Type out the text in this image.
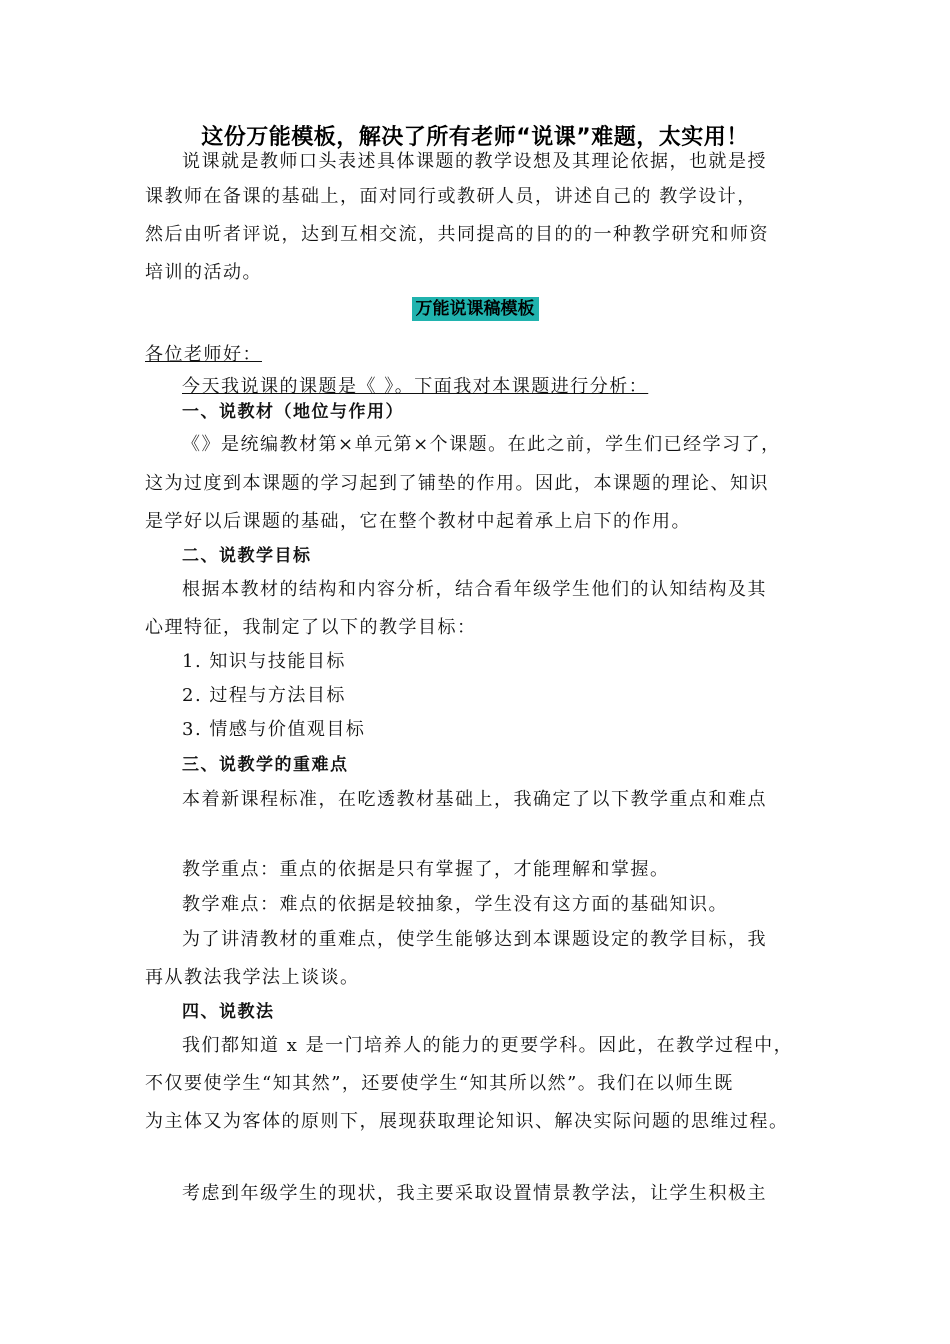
这份万能模板，解决了所有老师“说课”难题，太实用！
说课就是教师口头表述具体课题的教学设想及其理论依据，也就是授
课教师在备课的基础上，面对同行或教研人员，讲述自己的 教学设计，
然后由听者评说，达到互相交流，共同提高的目的的一种教学研究和师资
培训的活动。
万能说课稿模板
各位老师好：
今天我说课的课题是《 》。下面我对本课题进行分析：
一、说教材（地位与作用）
《》是统编教材第×单元第×个课题。在此之前，学生们已经学习了，
这为过度到本课题的学习起到了铺垫的作用。因此，本课题的理论、知识
是学好以后课题的基础，它在整个教材中起着承上启下的作用。
二、说教学目标
根据本教材的结构和内容分析，结合看年级学生他们的认知结构及其
心理特征，我制定了以下的教学目标：
1. 知识与技能目标
2. 过程与方法目标
3. 情感与价值观目标
三、说教学的重难点
本着新课程标准，在吃透教材基础上，我确定了以下教学重点和难点
教学重点：重点的依据是只有掌握了，才能理解和掌握。
教学难点：难点的依据是较抽象，学生没有这方面的基础知识。
为了讲清教材的重难点，使学生能够达到本课题设定的教学目标，我
再从教法我学法上谈谈。
四、说教法
我们都知道 x 是一门培养人的能力的更要学科。因此，在教学过程中，
不仅要使学生“知其然”，还要使学生“知其所以然”。我们在以师生既
为主体又为客体的原则下，展现获取理论知识、解决实际问题的思维过程。
考虑到年级学生的现状，我主要采取设置情景教学法，让学生积极主
